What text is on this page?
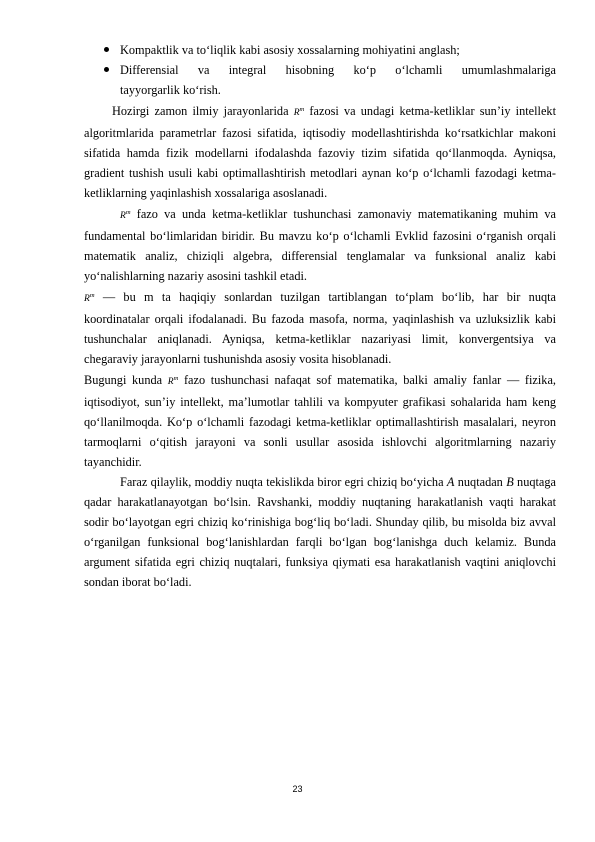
Kompaktlik va to‘liqlik kabi asosiy xossalarning mohiyatini anglash;
Differensial va integral hisobning ko‘p o‘lchamli umumlashmalariga
tayyorgarlik ko‘rish.

Hozirgi zamon ilmiy jarayonlarida $R^m$ fazosi va undagi ketma-ketliklar sun’iy intellekt algoritmlarida parametrlar fazosi sifatida, iqtisodiy modellashtirishda ko‘rsatkichlar makoni sifatida hamda fizik modellarni ifodalashda fazoviy tizim sifatida qo‘llanmoqda. Ayniqsa, gradient tushish usuli kabi optimallashtirish metodlari aynan ko‘p o‘lchamli fazodagi ketma-ketliklarning yaqinlashish xossalariga asoslanadi.

$R^m$ fazo va unda ketma-ketliklar tushunchasi zamonaviy matematikaning muhim va fundamental bo‘limlaridan biridir. Bu mavzu ko‘p o‘lchamli Evklid fazosini o‘rganish orqali matematik analiz, chiziqli algebra, differensial tenglamalar va funksional analiz kabi yo‘nalishlarning nazariy asosini tashkil etadi.

$R^m$ — bu m ta haqiqiy sonlardan tuzilgan tartiblangan to‘plam bo‘lib, har bir nuqta koordinatalar orqali ifodalanadi. Bu fazoda masofa, norma, yaqinlashish va uzluksizlik kabi tushunchalar aniqlanadi. Ayniqsa, ketma-ketliklar nazariyasi limit, konvergentsiya va chegaraviy jarayonlarni tushunishda asosiy vosita hisoblanadi.

Bugungi kunda $R^m$ fazo tushunchasi nafaqat sof matematika, balki amaliy fanlar — fizika, iqtisodiyot, sun’iy intellekt, ma’lumotlar tahlili va kompyuter grafikasi sohalarida ham keng qo‘llanilmoqda. Ko‘p o‘lchamli fazodagi ketma-ketliklar optimallashtirish masalalari, neyron tarmoqlarni o‘qitish jarayoni va sonli usullar asosida ishlovchi algoritmlarning nazariy tayanchidir.

Faraz qilaylik, moddiy nuqta tekislikda biror egri chiziq bo‘yicha A nuqtadan B nuqtaga qadar harakatlanayotgan bo‘lsin. Ravshanki, moddiy nuqtaning harakatlanish vaqti harakat sodir bo‘layotgan egri chiziq ko‘rinishiga bog‘liq bo‘ladi. Shunday qilib, bu misolda biz avval o‘rganilgan funksional bog‘lanishlardan farqli bo‘lgan bog‘lanishga duch kelamiz. Bunda argument sifatida egri chiziq nuqtalari, funksiya qiymati esa harakatlanish vaqtini aniqlovchi sondan iborat bo‘ladi.

23
